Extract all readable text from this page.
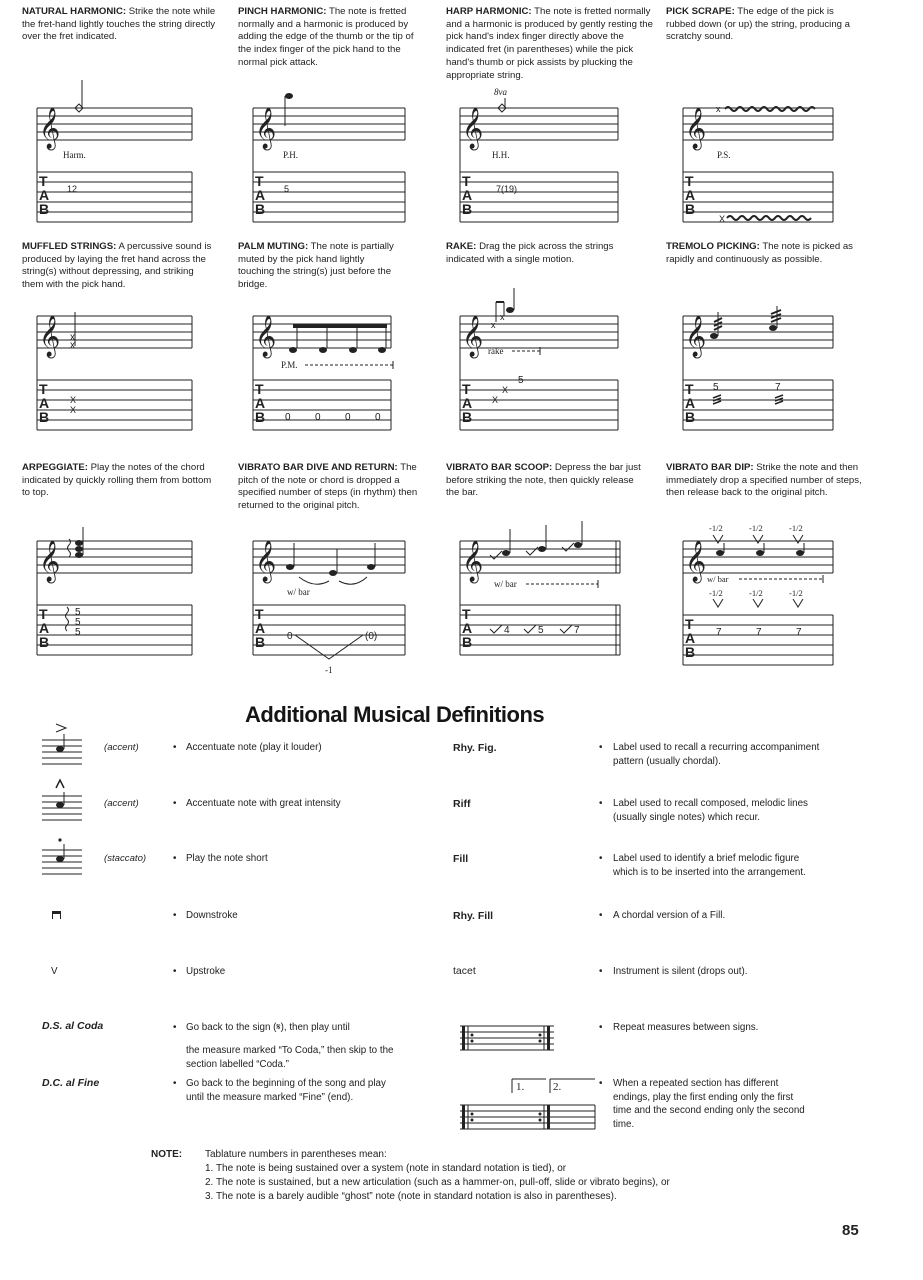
NATURAL HARMONIC: Strike the note while the fret-hand lightly touches the string directly over the fret indicated.
PINCH HARMONIC: The note is fretted normally and a harmonic is produced by adding the edge of the thumb or the tip of the index finger of the pick hand to the normal pick attack.
HARP HARMONIC: The note is fretted normally and a harmonic is produced by gently resting the pick hand's index finger directly above the indicated fret (in parentheses) while the pick hand's thumb or pick assists by plucking the appropriate string.
PICK SCRAPE: The edge of the pick is rubbed down (or up) the string, producing a scratchy sound.
𝄞
Harm.
T
A
B
12
𝄞
P.H.
T
A
B
5
𝄞
8va
H.H.
T
A
B
7(19)
𝄞 x
P.S.
T
A
B
X
MUFFLED STRINGS: A percussive sound is produced by laying the fret hand across the string(s) without depressing, and striking them with the pick hand.
PALM MUTING: The note is partially muted by the pick hand lightly touching the string(s) just before the bridge.
RAKE: Drag the pick across the strings indicated with a single motion.
TREMOLO PICKING: The note is picked as rapidly and continuously as possible.
𝄞 x
x
T
A
B
X
X
𝄞
P.M.
T
A
B 0 0 0 0
𝄞 x
x
rake
T
A
B
X
X
5
𝄞
T
A
B
5	7
ARPEGGIATE: Play the notes of the chord indicated by quickly rolling them from bottom to top.
VIBRATO BAR DIVE AND RETURN: The pitch of the note or chord is dropped a specified number of steps (in rhythm) then returned to the original pitch.
VIBRATO BAR SCOOP: Depress the bar just before striking the note, then quickly release the bar.
VIBRATO BAR DIP: Strike the note and then immediately drop a specified number of steps, then release back to the original pitch.
𝄞
T
A
B
5
5
5
𝄞
w/ bar
T
A
B 0	(0)
-1
𝄞
w/ bar
T
A
B
4	5	7
𝄞
-1/2	-1/2	-1/2
w/ bar
-1/2	-1/2	-1/2
T
A
B
7	7	7
Additional Musical Definitions
(accent)	• Accentuate note (play it louder)
(accent)	• Accentuate note with great intensity
(staccato)	• Play the note short
• Downstroke
V	• Upstroke
D.S. al Coda	• Go back to the sign (𝄋), then play until
the measure marked “To Coda,” then skip to the section labelled “Coda.”
D.C. al Fine	• Go back to the beginning of the song and play until the measure marked “Fine” (end).
Rhy. Fig.	• Label used to recall a recurring accompaniment pattern (usually chordal).
Riff	• Label used to recall composed, melodic lines (usually single notes) which recur.
Fill	• Label used to identify a brief melodic figure which is to be inserted into the arrangement.
Rhy. Fill	• A chordal version of a Fill.
tacet	• Instrument is silent (drops out).
• Repeat measures between signs.
1.	2.	• When a repeated section has different endings, play the first ending only the first time and the second ending only the second time.
NOTE: Tablature numbers in parentheses mean:
1. The note is being sustained over a system (note in standard notation is tied), or
2. The note is sustained, but a new articulation (such as a hammer-on, pull-off, slide or vibrato begins), or
3. The note is a barely audible “ghost” note (note in standard notation is also in parentheses).
85
